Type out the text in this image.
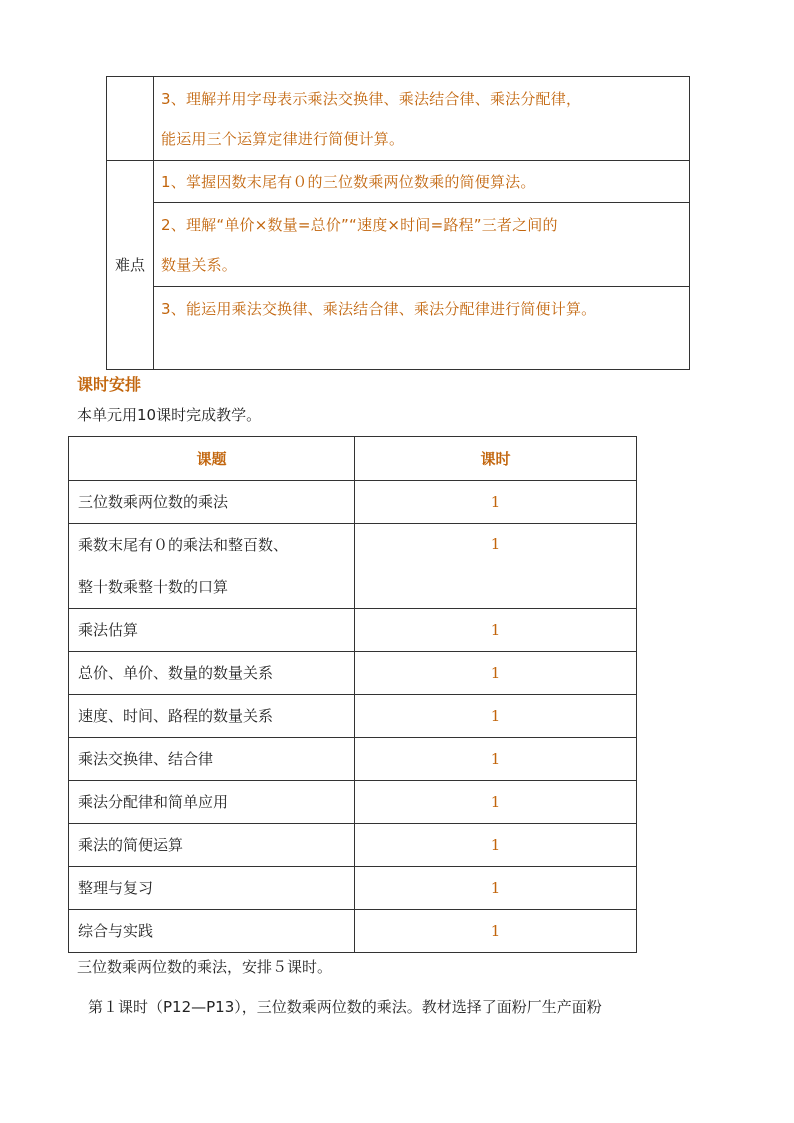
	3、理解并用字母表示乘法交换律、乘法结合律、乘法分配律，
能运用三个运算定律进行简便计算。

难点	1、掌握因数末尾有０的三位数乘两位数乘的简便算法。

	2、理解“单价×数量=总价”“速度×时间=路程”三者之间的
数量关系。

	3、能运用乘法交换律、乘法结合律、乘法分配律进行简便计算。
课时安排
本单元用10课时完成教学。
课题	课时
三位数乘两位数的乘法	1

乘数末尾有０的乘法和整百数、
整十数乘整十数的口算	1
乘法估算	1
总价、单价、数量的数量关系	1
速度、时间、路程的数量关系	1
乘法交换律、结合律	1
乘法分配律和简单应用	1
乘法的简便运算	1
整理与复习	1
综合与实践	1
三位数乘两位数的乘法，安排５课时。
第１课时（P12—P13），三位数乘两位数的乘法。教材选择了面粉厂生产面粉
